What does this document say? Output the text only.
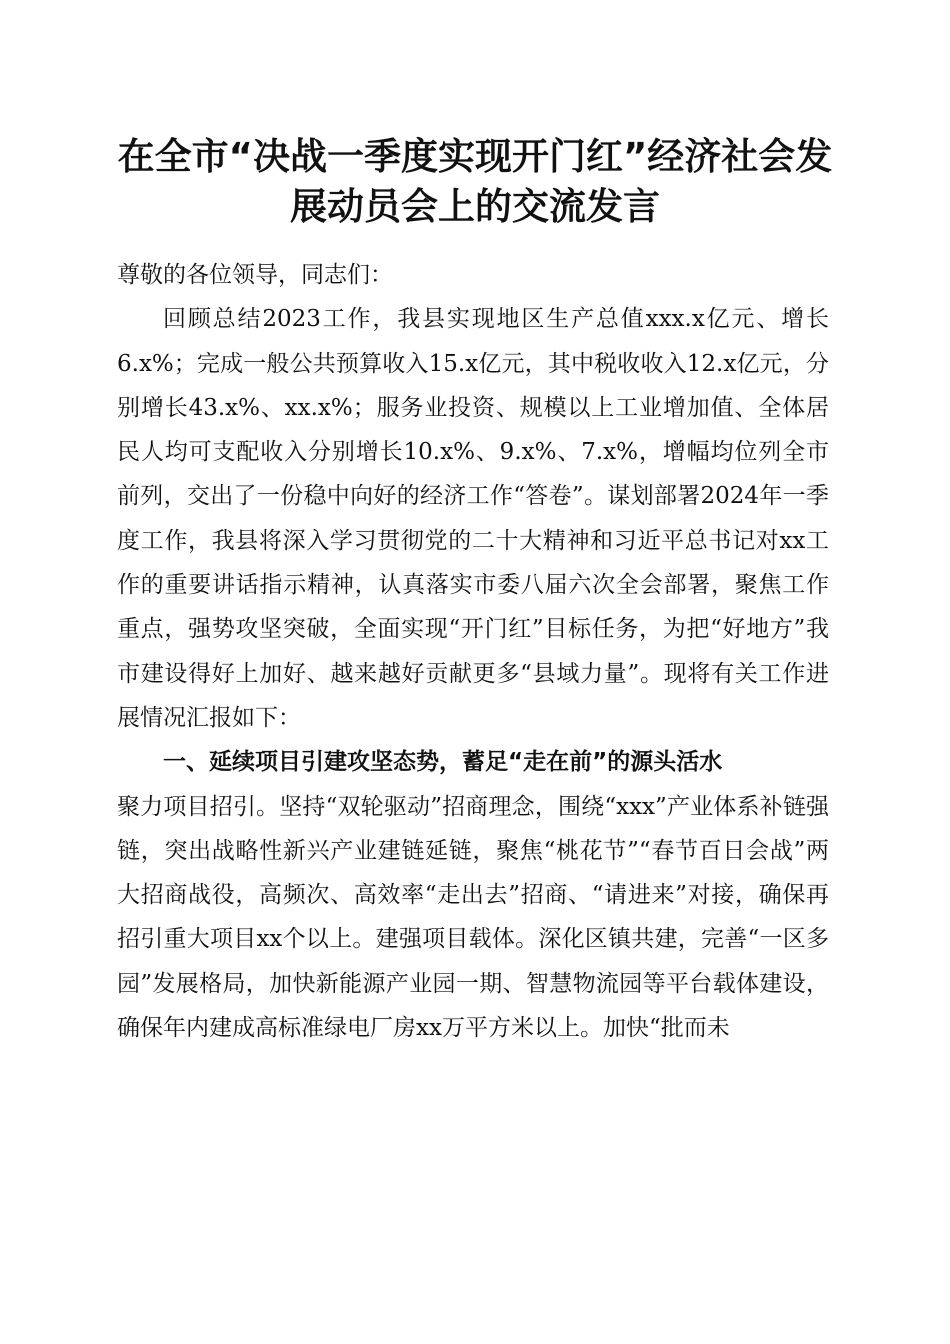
在全市“决战一季度实现开门红”经济社会发
展动员会上的交流发言

尊敬的各位领导，同志们：

回顾总结2023工作，我县实现地区生产总值xxx.x亿元、增长6.x%；完成一般公共预算收入15.x亿元，其中税收收入12.x亿元，分别增长43.x%、xx.x%；服务业投资、规模以上工业增加值、全体居民人均可支配收入分别增长10.x%、9.x%、7.x%，增幅均位列全市前列，交出了一份稳中向好的经济工作“答卷”。谋划部署2024年一季度工作，我县将深入学习贯彻党的二十大精神和习近平总书记对xx工作的重要讲话指示精神，认真落实市委八届六次全会部署，聚焦工作重点，强势攻坚突破，全面实现“开门红”目标任务，为把“好地方”我市建设得好上加好、越来越好贡献更多“县域力量”。现将有关工作进展情况汇报如下：

一、延续项目引建攻坚态势，蓄足“走在前”的源头活水

聚力项目招引。坚持“双轮驱动”招商理念，围绕“xxx”产业体系补链强链，突出战略性新兴产业建链延链，聚焦“桃花节”“春节百日会战”两大招商战役，高频次、高效率“走出去”招商、“请进来”对接，确保再招引重大项目xx个以上。建强项目载体。深化区镇共建，完善“一区多园”发展格局，加快新能源产业园一期、智慧物流园等平台载体建设，确保年内建成高标准绿电厂房xx万平方米以上。加快“批而未
